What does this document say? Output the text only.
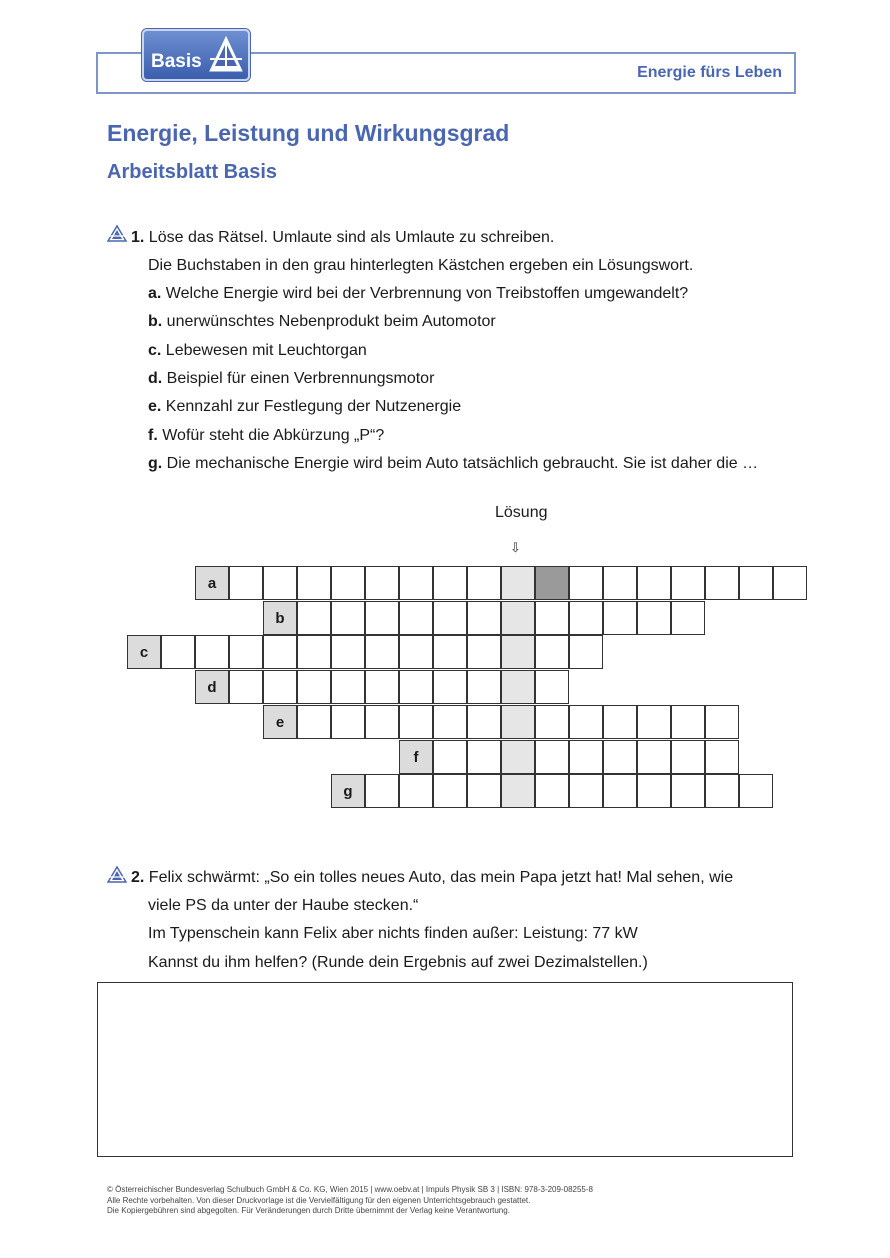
Energie fürs Leben
Basis
Energie, Leistung und Wirkungsgrad
Arbeitsblatt Basis
1. Löse das Rätsel. Umlaute sind als Umlaute zu schreiben.
Die Buchstaben in den grau hinterlegten Kästchen ergeben ein Lösungswort.
a. Welche Energie wird bei der Verbrennung von Treibstoffen umgewandelt?
b. unerwünschtes Nebenprodukt beim Automotor
c. Lebewesen mit Leuchtorgan
d. Beispiel für einen Verbrennungsmotor
e. Kennzahl zur Festlegung der Nutzenergie
f. Wofür steht die Abkürzung „P“?
g. Die mechanische Energie wird beim Auto tatsächlich gebraucht. Sie ist daher die …
Lösung
⇩
a
b
c
d
e
f
g
2. Felix schwärmt: „So ein tolles neues Auto, das mein Papa jetzt hat! Mal sehen, wie
viele PS da unter der Haube stecken.“
Im Typenschein kann Felix aber nichts finden außer: Leistung: 77 kW
Kannst du ihm helfen? (Runde dein Ergebnis auf zwei Dezimalstellen.)
© Österreichischer Bundesverlag Schulbuch GmbH & Co. KG, Wien 2015 | www.oebv.at | Impuls Physik SB 3 | ISBN: 978-3-209-08255-8
Alle Rechte vorbehalten. Von dieser Druckvorlage ist die Vervielfältigung für den eigenen Unterrichtsgebrauch gestattet.
Die Kopiergebühren sind abgegolten. Für Veränderungen durch Dritte übernimmt der Verlag keine Verantwortung.
